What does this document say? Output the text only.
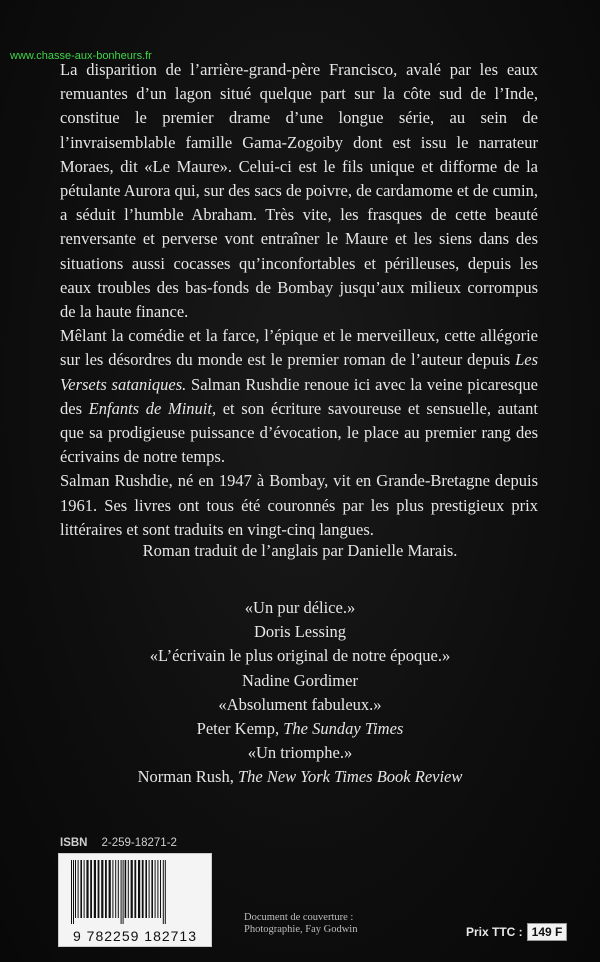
www.chasse-aux-bonheurs.fr

La disparition de l’arrière-grand-père Francisco, avalé par les eaux remuantes d’un lagon situé quelque part sur la côte sud de l’Inde, constitue le premier drame d’une longue série, au sein de l’invraisemblable famille Gama-Zogoiby dont est issu le narrateur Moraes, dit «Le Maure». Celui-ci est le fils unique et difforme de la pétulante Aurora qui, sur des sacs de poivre, de cardamome et de cumin, a séduit l’humble Abraham. Très vite, les frasques de cette beauté renversante et perverse vont entraîner le Maure et les siens dans des situations aussi cocasses qu’inconfortables et périlleuses, depuis les eaux troubles des bas-fonds de Bombay jusqu’aux milieux corrompus de la haute finance.

Mêlant la comédie et la farce, l’épique et le merveilleux, cette allégorie sur les désordres du monde est le premier roman de l’auteur depuis Les Versets sataniques. Salman Rushdie renoue ici avec la veine picaresque des Enfants de Minuit, et son écriture savoureuse et sensuelle, autant que sa prodigieuse puissance d’évocation, le place au premier rang des écrivains de notre temps.

Salman Rushdie, né en 1947 à Bombay, vit en Grande-Bretagne depuis 1961. Ses livres ont tous été couronnés par les plus prestigieux prix littéraires et sont traduits en vingt-cinq langues.

Roman traduit de l’anglais par Danielle Marais.
«Un pur délice.»
Doris Lessing
«L’écrivain le plus original de notre époque.»
Nadine Gordimer
«Absolument fabuleux.»
Peter Kemp, The Sunday Times
«Un triomphe.»
Norman Rush, The New York Times Book Review
ISBN 2-259-18271-2
9 782259 182713
Document de couverture :
Photographie, Fay Godwin	Prix TTC : 149 F
